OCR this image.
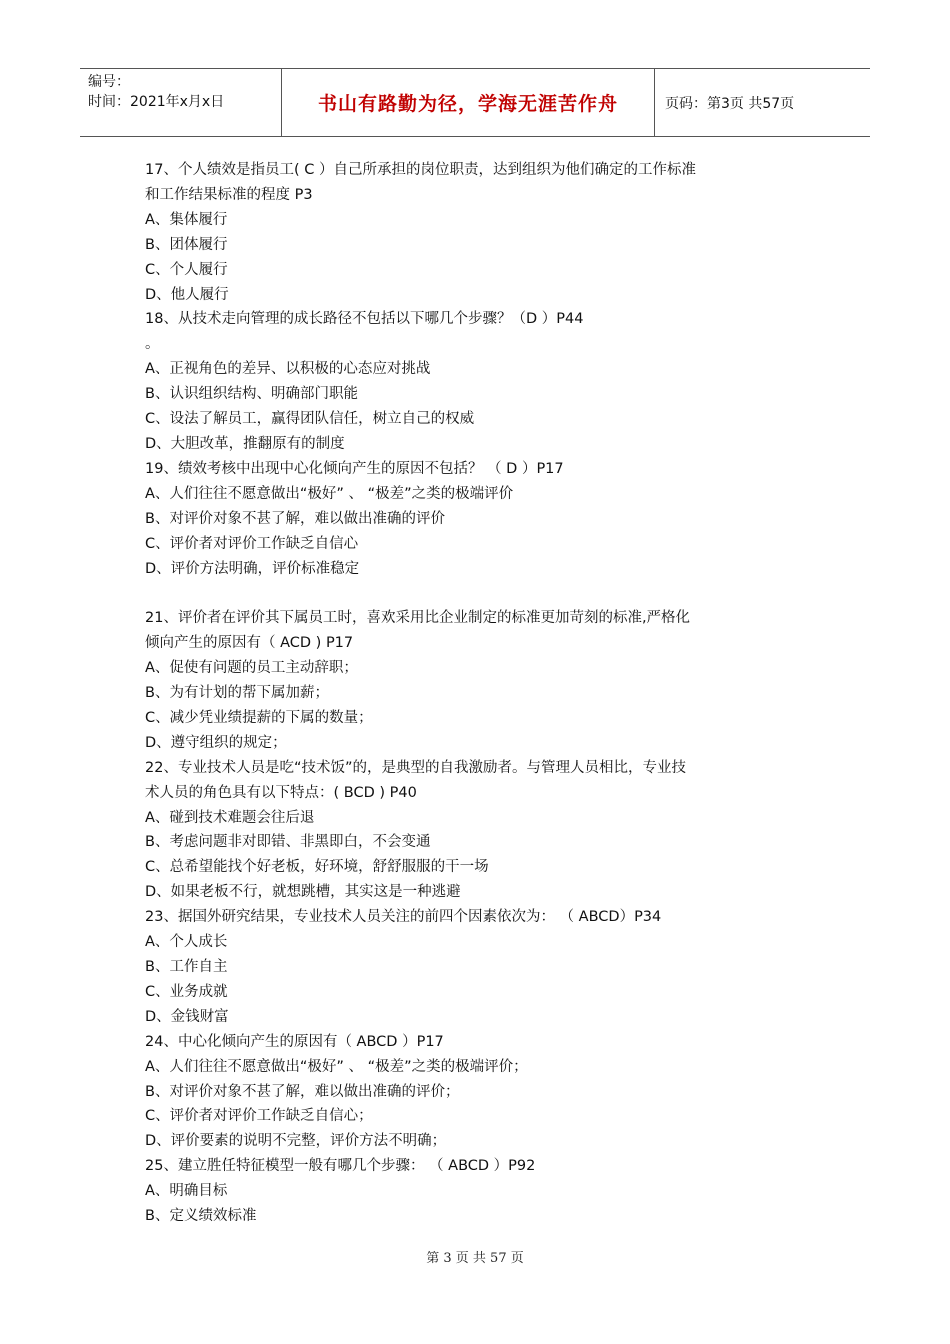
编号：
时间：2021年x月x日	书山有路勤为径，学海无涯苦作舟	页码：第3页 共57页
17、个人绩效是指员工( C ）自己所承担的岗位职责，达到组织为他们确定的工作标准
和工作结果标准的程度 P3
A、集体履行
B、团体履行
C、个人履行
D、他人履行
18、从技术走向管理的成长路径不包括以下哪几个步骤？（D ）P44
。
A、正视角色的差异、以积极的心态应对挑战
B、认识组织结构、明确部门职能
C、设法了解员工，赢得团队信任，树立自己的权威
D、大胆改革，推翻原有的制度
19、绩效考核中出现中心化倾向产生的原因不包括？ （ D ）P17
A、人们往往不愿意做出“极好” 、 “极差”之类的极端评价
B、对评价对象不甚了解，难以做出准确的评价
C、评价者对评价工作缺乏自信心
D、评价方法明确，评价标准稳定
21、评价者在评价其下属员工时，喜欢采用比企业制定的标准更加苛刻的标准,严格化
倾向产生的原因有（ ACD ) P17
A、促使有问题的员工主动辞职；
B、为有计划的帮下属加薪；
C、减少凭业绩提薪的下属的数量；
D、遵守组织的规定；
22、专业技术人员是吃“技术饭”的，是典型的自我激励者。与管理人员相比，专业技
术人员的角色具有以下特点：( BCD ) P40
A、碰到技术难题会往后退
B、考虑问题非对即错、非黑即白，不会变通
C、总希望能找个好老板，好环境，舒舒服服的干一场
D、如果老板不行，就想跳槽，其实这是一种逃避
23、据国外研究结果，专业技术人员关注的前四个因素依次为： （ ABCD）P34
A、个人成长
B、工作自主
C、业务成就
D、金钱财富
24、中心化倾向产生的原因有（ ABCD ）P17
A、人们往往不愿意做出“极好” 、 “极差”之类的极端评价；
B、对评价对象不甚了解，难以做出准确的评价；
C、评价者对评价工作缺乏自信心；
D、评价要素的说明不完整，评价方法不明确；
25、建立胜任特征模型一般有哪几个步骤： （ ABCD ）P92
A、明确目标
B、定义绩效标准
第 3 页 共 57 页
